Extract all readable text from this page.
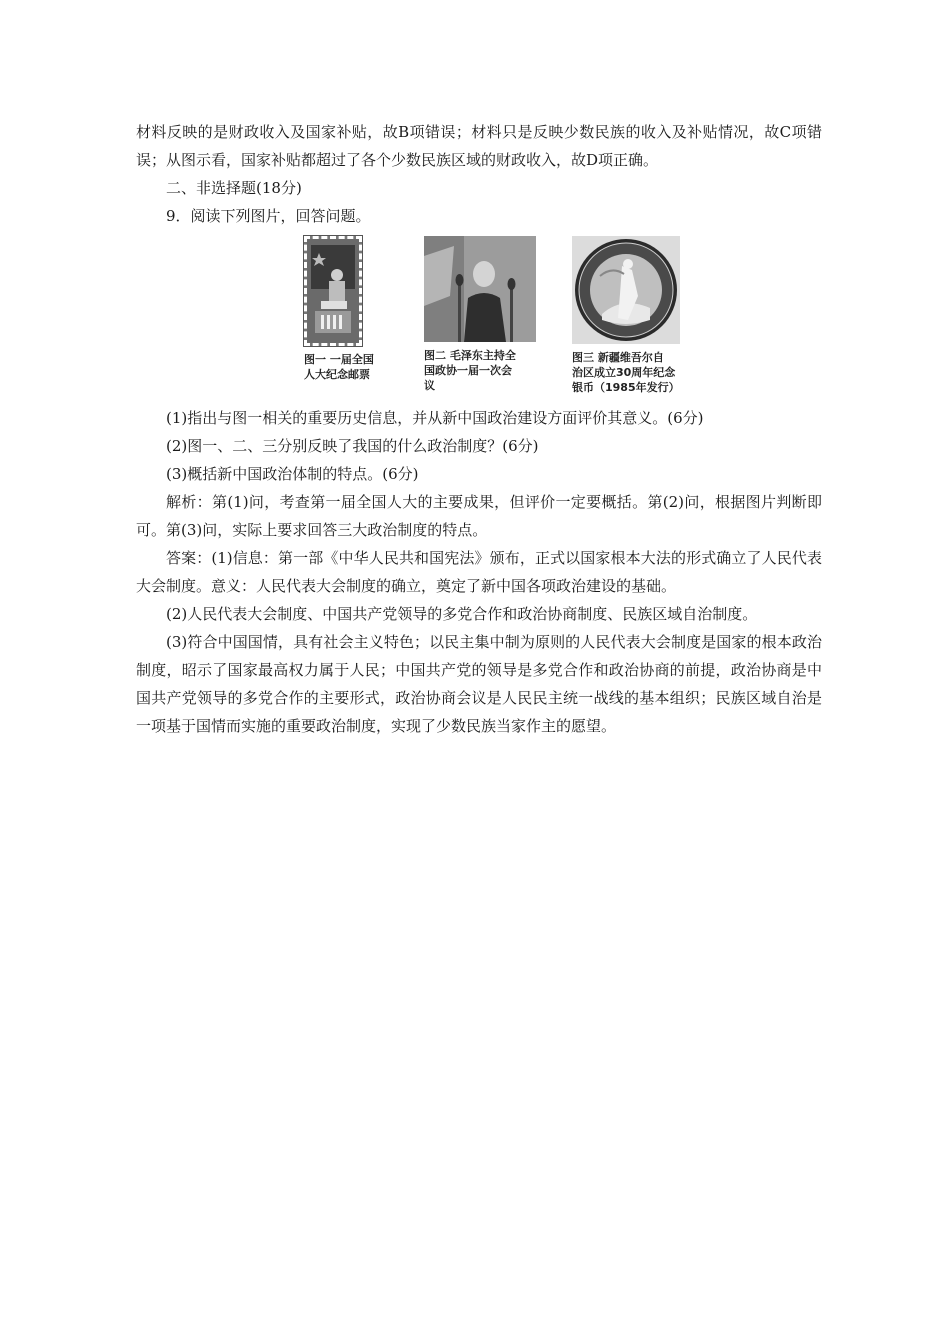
材料反映的是财政收入及国家补贴，故B项错误；材料只是反映少数民族的收入及补贴情况，故C项错误；从图示看，国家补贴都超过了各个少数民族区域的财政收入，故D项正确。

二、非选择题(18分)

9．阅读下列图片，回答问题。

图一 一届全国
人大纪念邮票
图二 毛泽东主持全
国政协一届一次会
议
图三 新疆维吾尔自
治区成立30周年纪念
银币（1985年发行）

(1)指出与图一相关的重要历史信息，并从新中国政治建设方面评价其意义。(6分)

(2)图一、二、三分别反映了我国的什么政治制度？(6分)

(3)概括新中国政治体制的特点。(6分)

解析：第(1)问，考查第一届全国人大的主要成果，但评价一定要概括。第(2)问，根据图片判断即可。第(3)问，实际上要求回答三大政治制度的特点。

答案：(1)信息：第一部《中华人民共和国宪法》颁布，正式以国家根本大法的形式确立了人民代表大会制度。意义：人民代表大会制度的确立，奠定了新中国各项政治建设的基础。

(2)人民代表大会制度、中国共产党领导的多党合作和政治协商制度、民族区域自治制度。

(3)符合中国国情，具有社会主义特色；以民主集中制为原则的人民代表大会制度是国家的根本政治制度，昭示了国家最高权力属于人民；中国共产党的领导是多党合作和政治协商的前提，政治协商是中国共产党领导的多党合作的主要形式，政治协商会议是人民民主统一战线的基本组织；民族区域自治是一项基于国情而实施的重要政治制度，实现了少数民族当家作主的愿望。
